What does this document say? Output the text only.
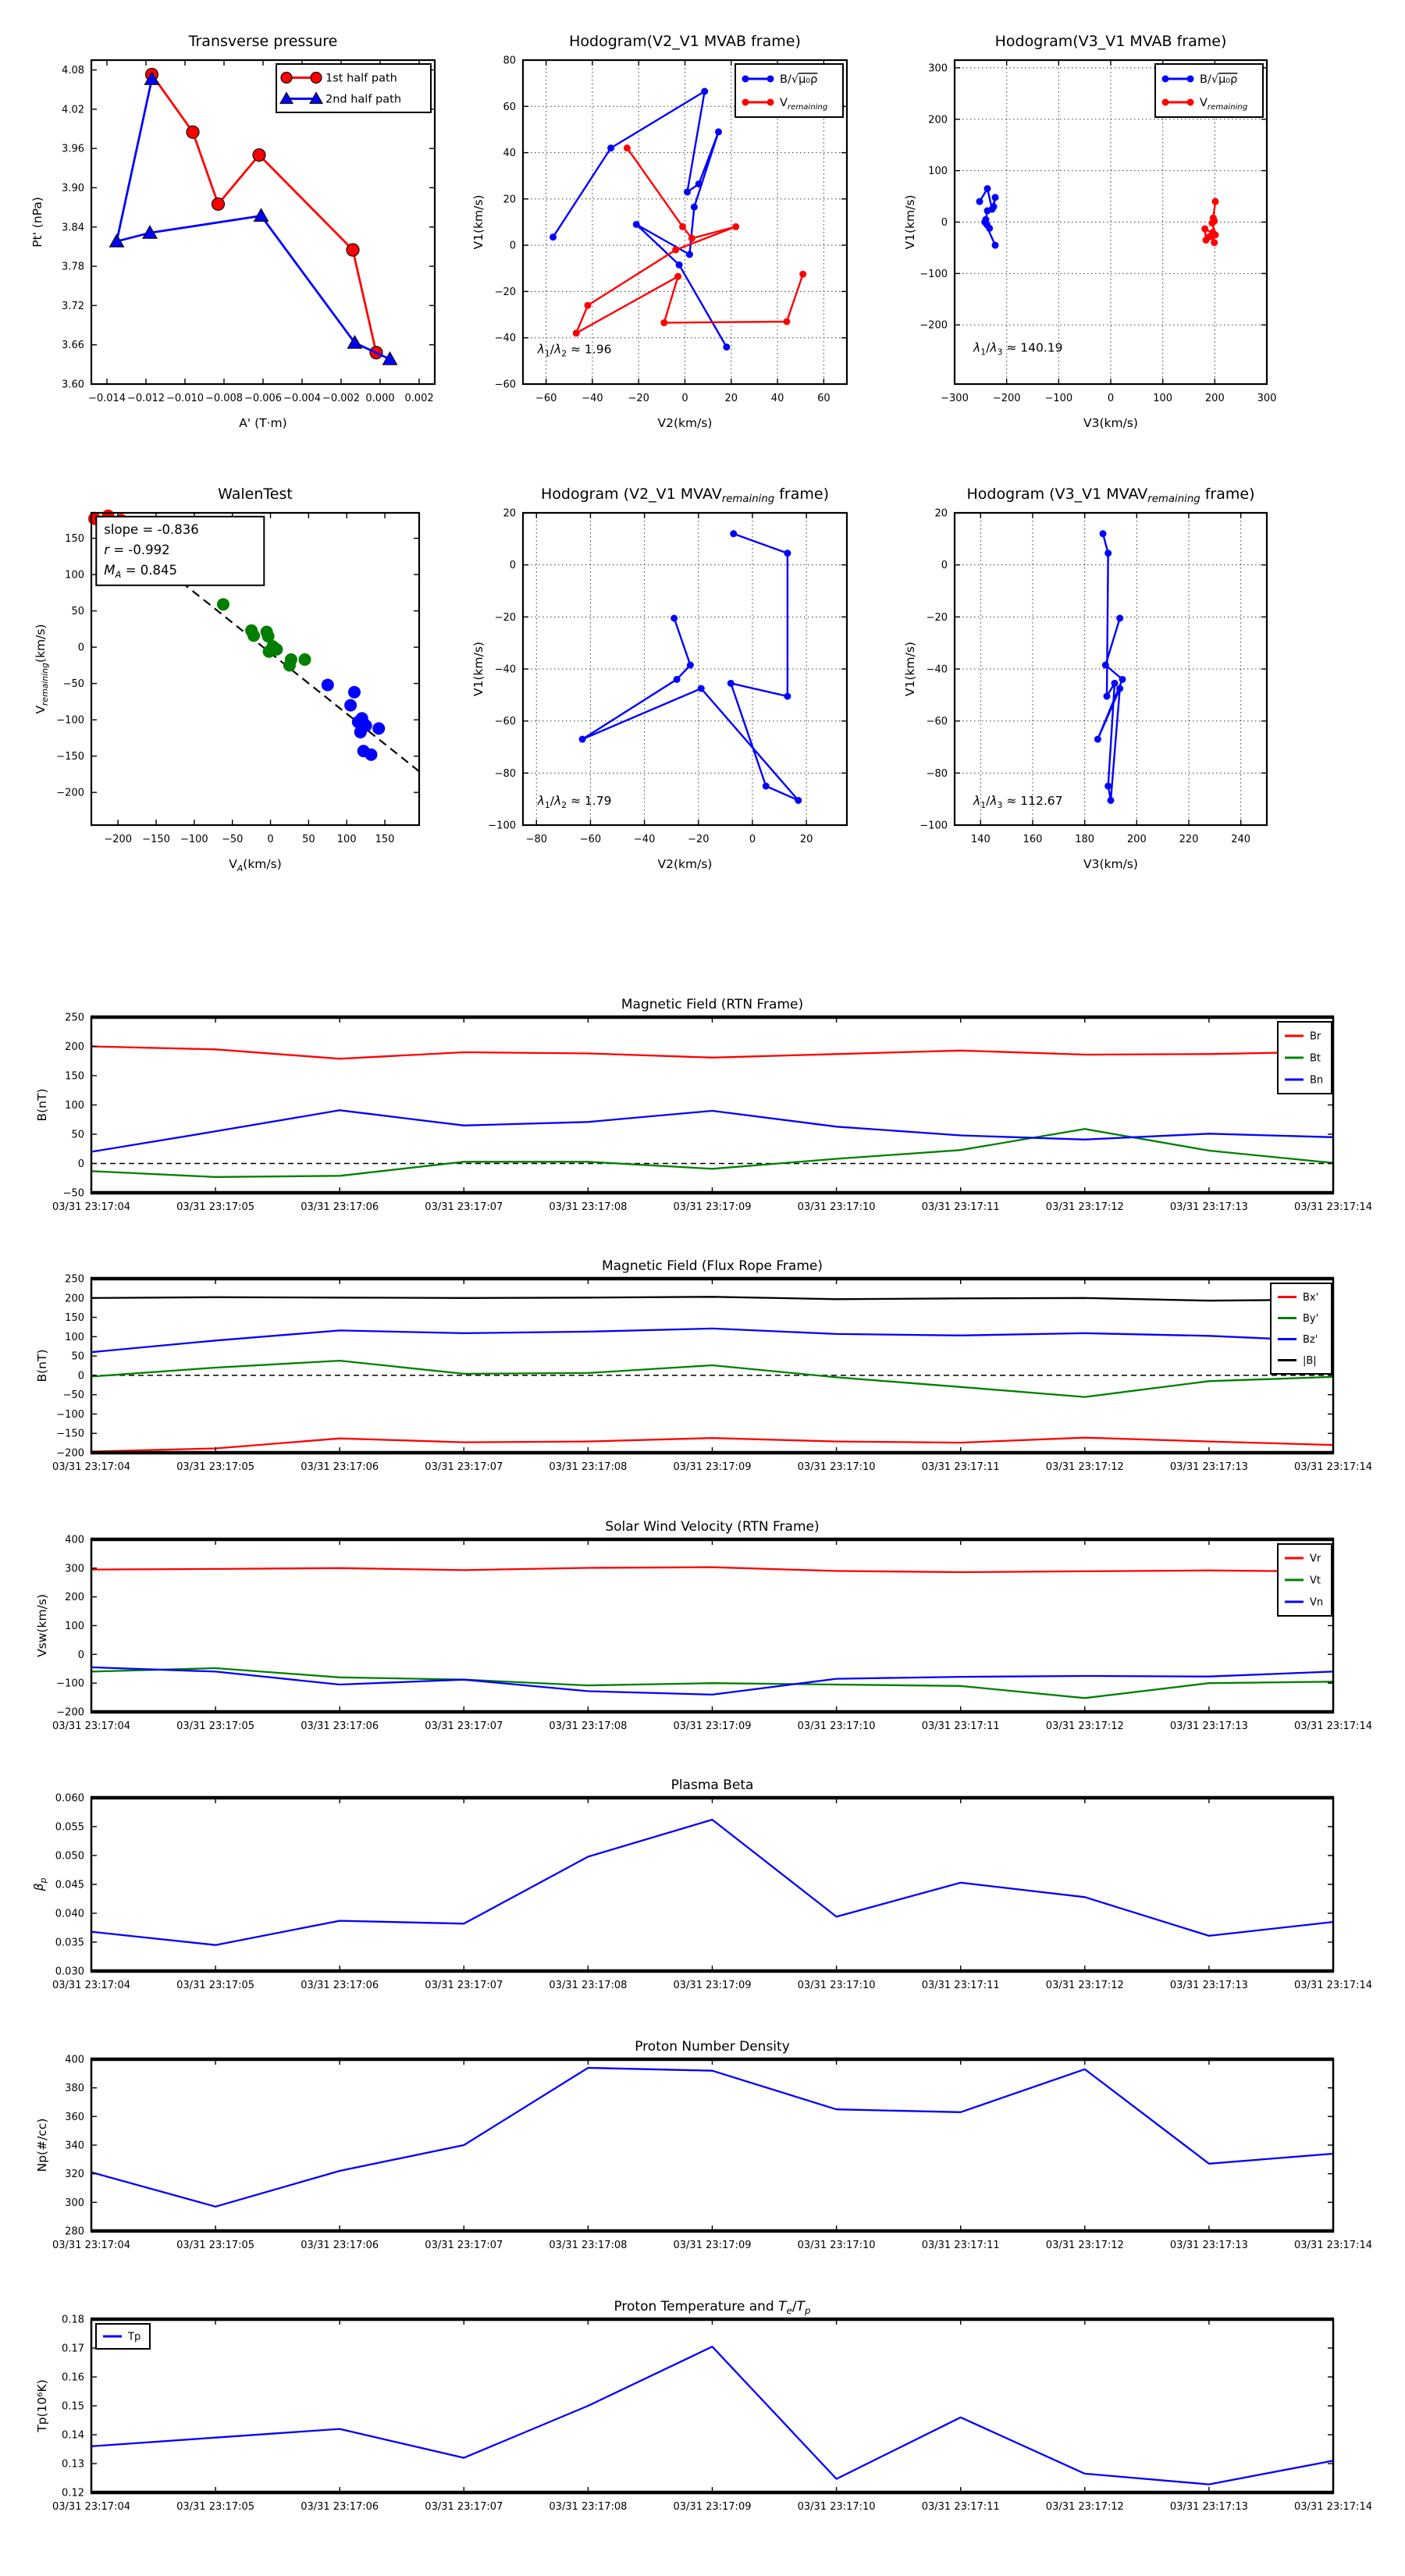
−0.014 −0.012 −0.010 −0.008 −0.006 −0.004 −0.002 0.000 0.002
3.60
3.66
3.72
3.78
3.84
3.90
3.96
4.02
4.08
Transverse pressure
A' (T·m)
Pt' (nPa)
1st half path
2nd half path
−60 −40 −20	0	20	40	60
−60
−40
−20
0
20
40
60
80
Hodogram(V2_V1 MVAB frame)
V2(km/s)
V1(km/s)
$\lambda_1/\lambda_2 \approx 1.96$
B/√μ₀ρ
$V_{remaining}$
−300 −200 −100	0	100	200	300
−200
−100
0
100
200
300
Hodogram(V3_V1 MVAB frame)
V3(km/s)
V1(km/s)
$\lambda_1/\lambda_3 \approx 140.19$
B/√μ₀ρ
$V_{remaining}$
−200 −150 −100 −50 0	50 100 150
−200
−150
−100
−50
0
50
100
150
WalenTest
$V_A(km/s)$
$V_{remaining}(km/s)$
slope = -0.836
r = -0.992
$M_A = 0.845$
−80	−60	−40	−20	0	20
−100
−80
−60
−40
−20
0
20
Hodogram (V2_V1 $MVAV_{remaining}$ frame)
V2(km/s)
V1(km/s)
$\lambda_1/\lambda_2 \approx 1.79$
140	160	180	200	220	240
−100
−80
−60
−40
−20
0
20
Hodogram (V3_V1 $MVAV_{remaining}$ frame)
V3(km/s)
V1(km/s)
$\lambda_1/\lambda_3 \approx 112.67$
03/31 23:17:04	03/31 23:17:05	03/31 23:17:06	03/31 23:17:07	03/31 23:17:08	03/31 23:17:09	03/31 23:17:10	03/31 23:17:11	03/31 23:17:12	03/31 23:17:13	03/31 23:17:14
−50
0
50
100
150
200
250
Magnetic Field (RTN Frame)
B(nT)
Br
Bt
Bn
03/31 23:17:04	03/31 23:17:05	03/31 23:17:06	03/31 23:17:07	03/31 23:17:08	03/31 23:17:09	03/31 23:17:10	03/31 23:17:11	03/31 23:17:12	03/31 23:17:13	03/31 23:17:14
−200
−150
−100
−50
0
50
100
150
200
250
Magnetic Field (Flux Rope Frame)
B(nT)
Bx'
By'
Bz'
|B|
03/31 23:17:04	03/31 23:17:05	03/31 23:17:06	03/31 23:17:07	03/31 23:17:08	03/31 23:17:09	03/31 23:17:10	03/31 23:17:11	03/31 23:17:12	03/31 23:17:13	03/31 23:17:14
−200
−100
0
100
200
300
400
Solar Wind Velocity (RTN Frame)
Vsw(km/s)
Vr
Vt
Vn
03/31 23:17:04	03/31 23:17:05	03/31 23:17:06	03/31 23:17:07	03/31 23:17:08	03/31 23:17:09	03/31 23:17:10	03/31 23:17:11	03/31 23:17:12	03/31 23:17:13	03/31 23:17:14
0.030
0.035
0.040
0.045
0.050
0.055
0.060
Plasma Beta
$\beta_p$
03/31 23:17:04	03/31 23:17:05	03/31 23:17:06	03/31 23:17:07	03/31 23:17:08	03/31 23:17:09	03/31 23:17:10	03/31 23:17:11	03/31 23:17:12	03/31 23:17:13	03/31 23:17:14
280
300
320
340
360
380
400
Proton Number Density
Np(#/cc)
03/31 23:17:04	03/31 23:17:05	03/31 23:17:06	03/31 23:17:07	03/31 23:17:08	03/31 23:17:09	03/31 23:17:10	03/31 23:17:11	03/31 23:17:12	03/31 23:17:13	03/31 23:17:14
0.12
0.13
0.14
0.15
0.16
0.17
0.18
Proton Temperature and $T_e/T_p$
Tp(10⁶K)
Tp
